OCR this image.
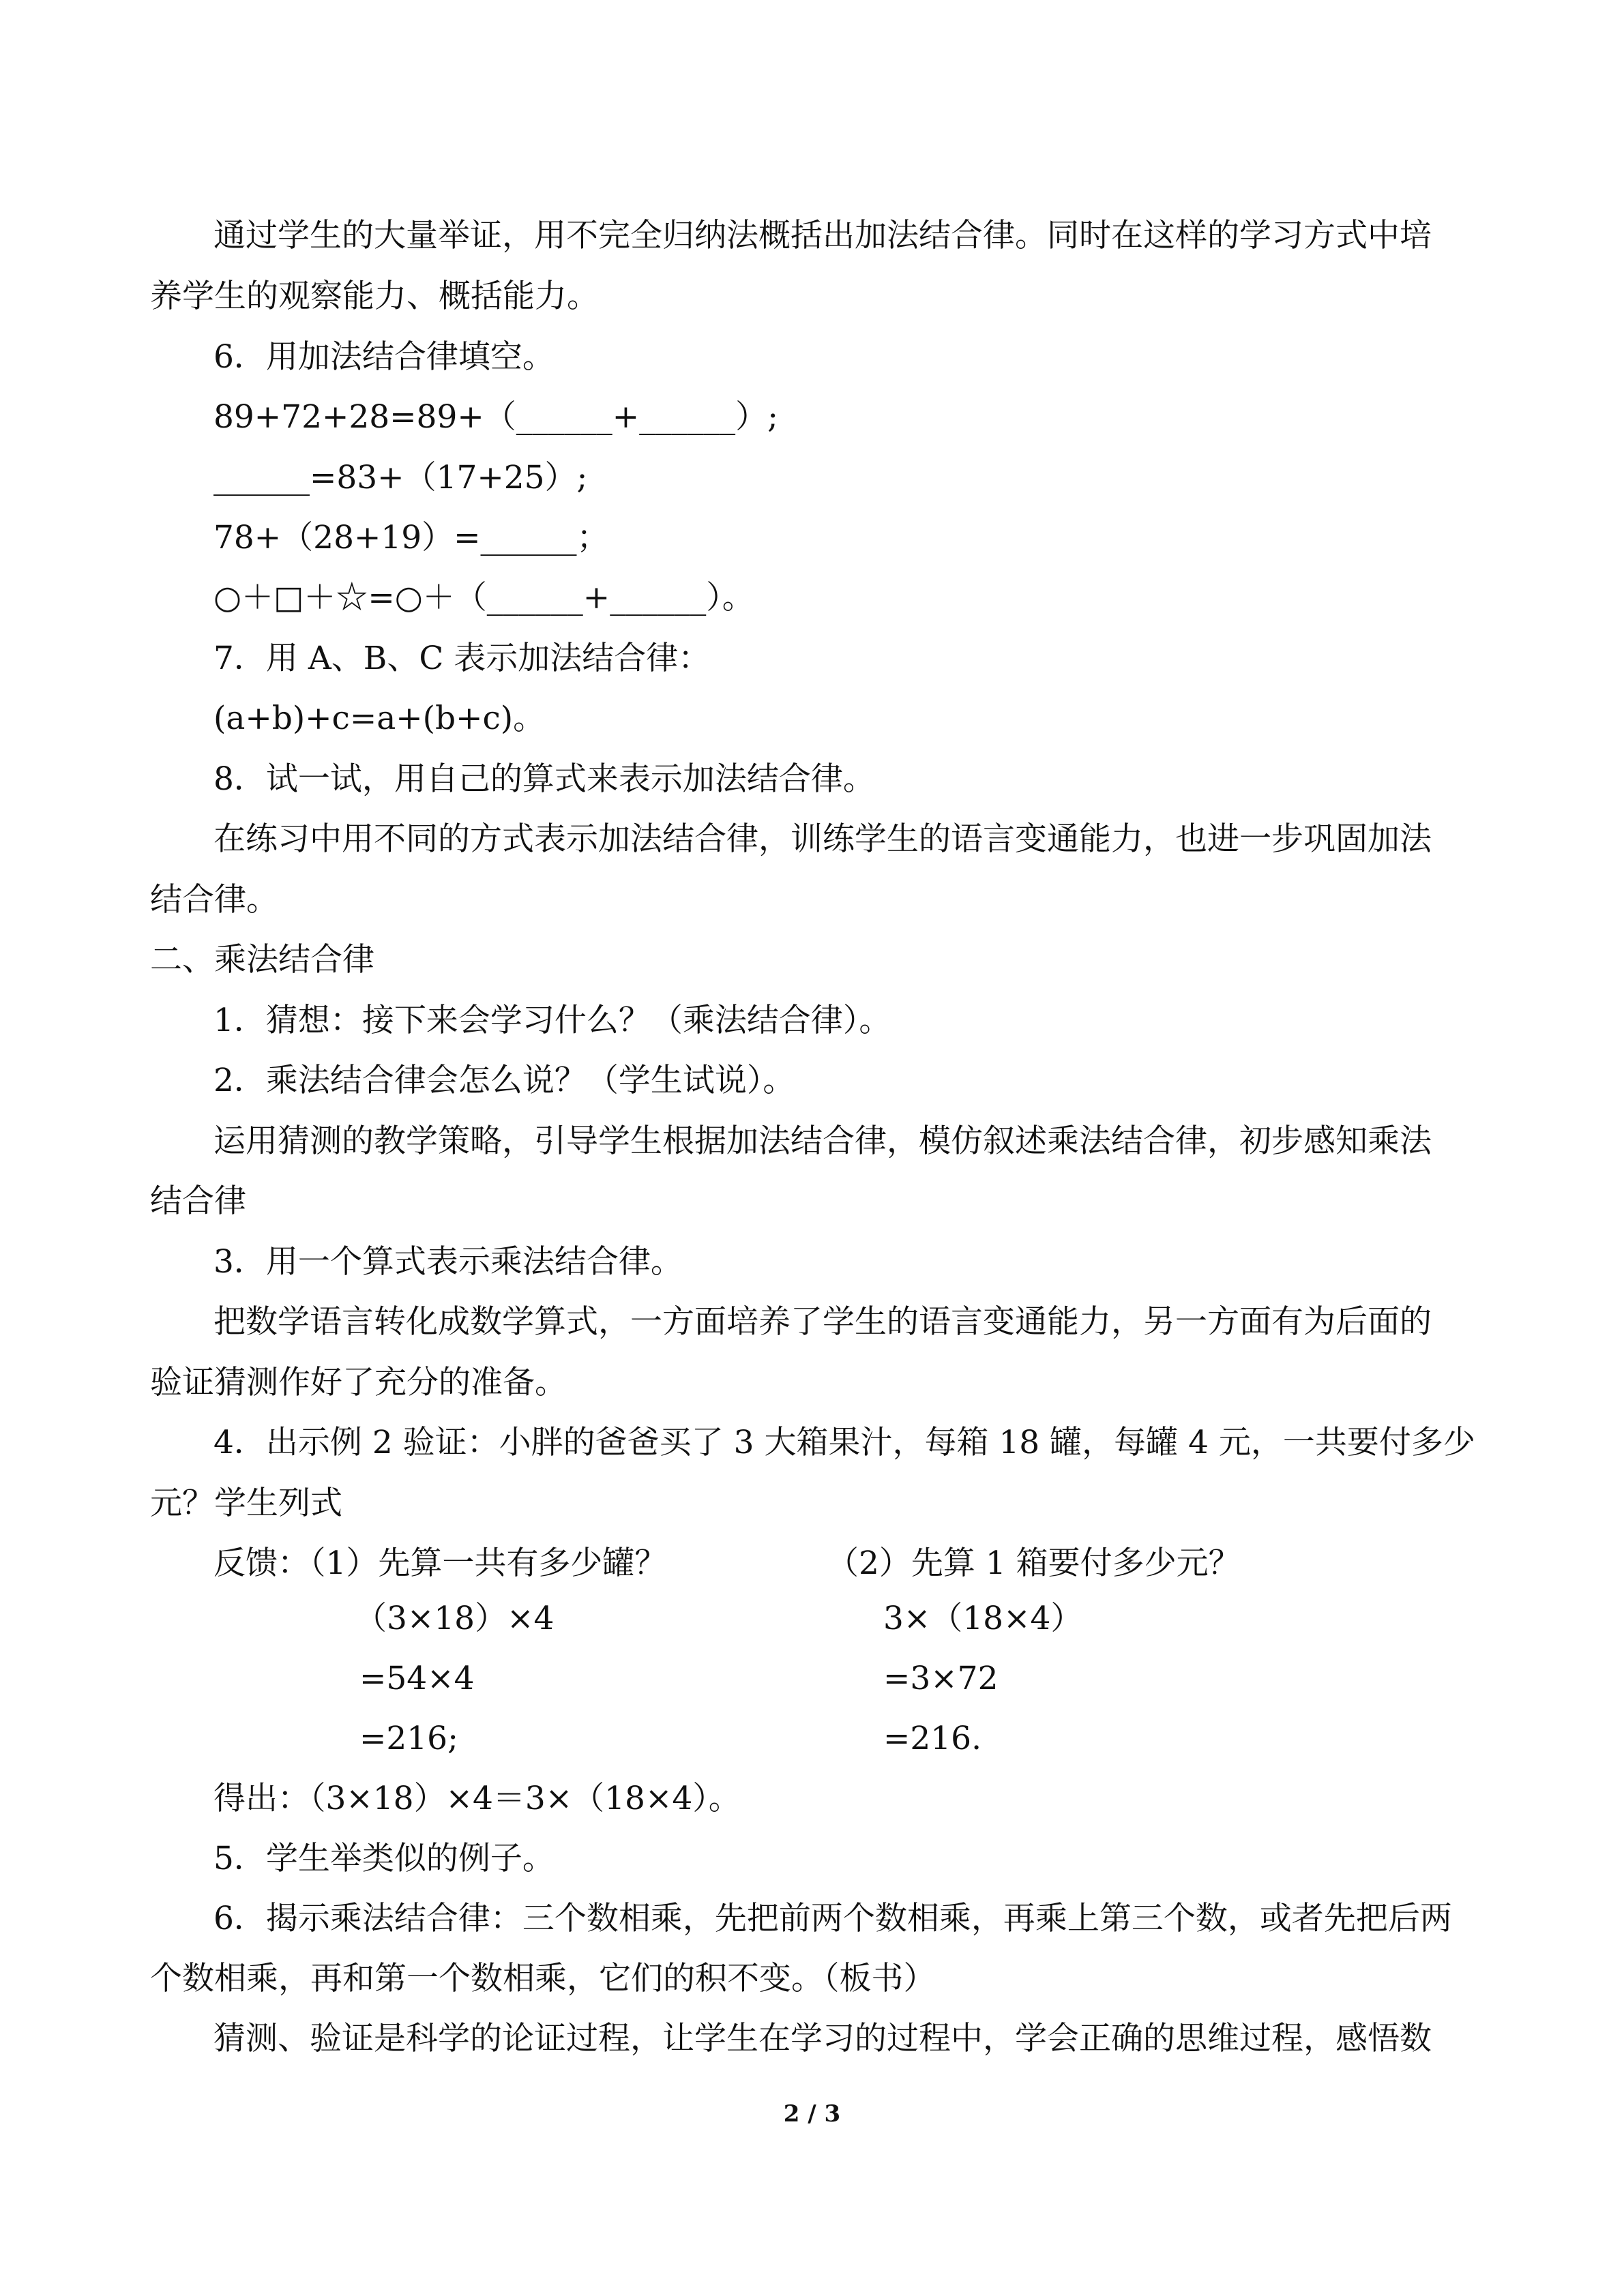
通过学生的大量举证，用不完全归纳法概括出加法结合律。同时在这样的学习方式中培
养学生的观察能力、概括能力。
6．用加法结合律填空。
89+72+28=89+（______+______）;
______=83+（17+25）;
78+（28+19）=______；
○＋□＋☆=○＋（______+______）。
7．用 A、B、C 表示加法结合律：
(a+b)+c=a+(b+c)。
8．试一试，用自己的算式来表示加法结合律。
在练习中用不同的方式表示加法结合律，训练学生的语言变通能力，也进一步巩固加法
结合律。
二、乘法结合律
1．猜想：接下来会学习什么？（乘法结合律）。
2．乘法结合律会怎么说？（学生试说）。
运用猜测的教学策略，引导学生根据加法结合律，模仿叙述乘法结合律，初步感知乘法
结合律
3．用一个算式表示乘法结合律。
把数学语言转化成数学算式，一方面培养了学生的语言变通能力，另一方面有为后面的
验证猜测作好了充分的准备。
4．出示例 2 验证：小胖的爸爸买了 3 大箱果汁，每箱 18 罐，每罐 4 元，一共要付多少
元？学生列式
反馈：（1）先算一共有多少罐？	（2）先算 1 箱要付多少元？
（3×18）×4
=54×4
=216;
3×（18×4）
=3×72
=216.
得出：（3×18）×4＝3×（18×4）。
5．学生举类似的例子。
6．揭示乘法结合律：三个数相乘，先把前两个数相乘，再乘上第三个数，或者先把后两
个数相乘，再和第一个数相乘，它们的积不变。（板书）
猜测、验证是科学的论证过程，让学生在学习的过程中，学会正确的思维过程，感悟数
2 / 3
